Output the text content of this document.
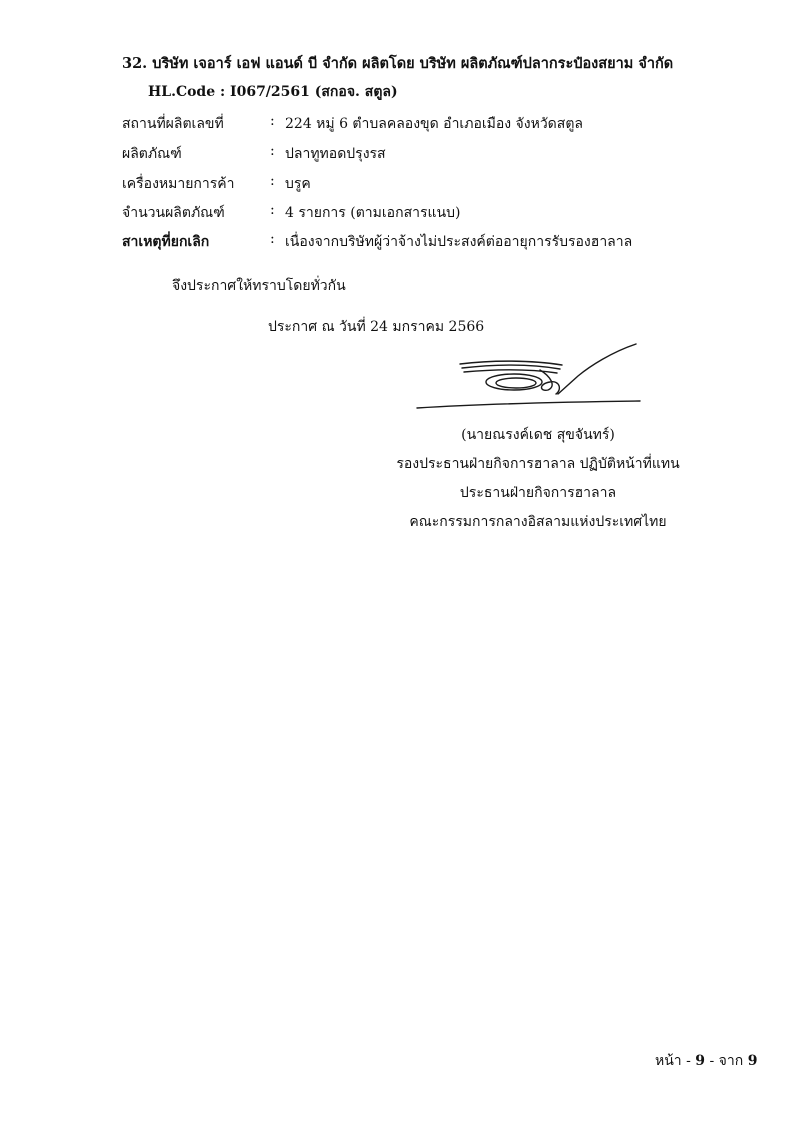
32. บริษัท เจอาร์ เอฟ แอนด์ บี จำกัด ผลิตโดย บริษัท ผลิตภัณฑ์ปลากระป๋องสยาม จำกัด
HL.Code : I067/2561 (สกอจ. สตูล)
สถานที่ผลิตเลขที่	: 224 หมู่ 6 ตำบลคลองขุด อำเภอเมือง จังหวัดสตูล
ผลิตภัณฑ์	: ปลาทูทอดปรุงรส
เครื่องหมายการค้า	: บรูค
จำนวนผลิตภัณฑ์	: 4 รายการ (ตามเอกสารแนบ)
สาเหตุที่ยกเลิก	: เนื่องจากบริษัทผู้ว่าจ้างไม่ประสงค์ต่ออายุการรับรองฮาลาล
จึงประกาศให้ทราบโดยทั่วกัน
ประกาศ ณ วันที่ 24 มกราคม 2566
(นายณรงค์เดช สุขจันทร์)
รองประธานฝ่ายกิจการฮาลาล ปฏิบัติหน้าที่แทน
ประธานฝ่ายกิจการฮาลาล
คณะกรรมการกลางอิสลามแห่งประเทศไทย
หน้า - 9 - จาก 9
